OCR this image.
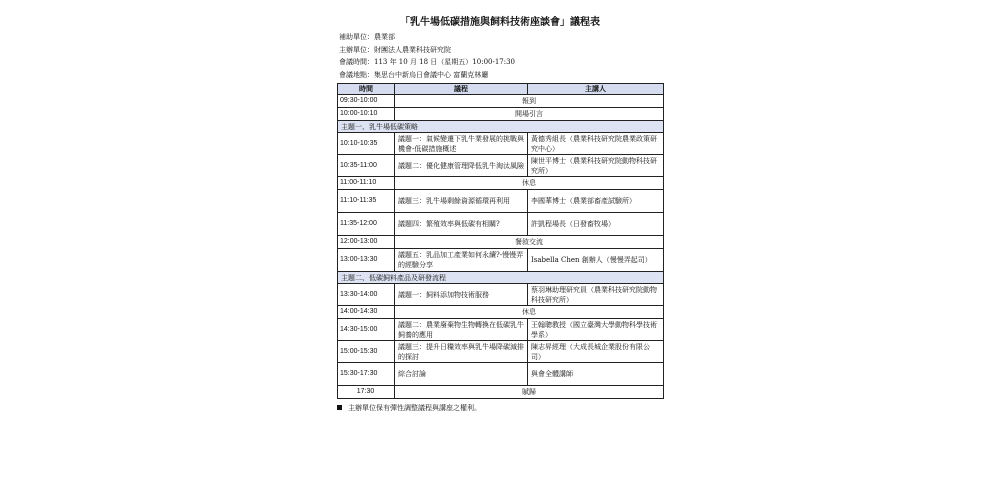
「乳牛場低碳措施與飼料技術座談會」議程表
補助單位：農業部
主辦單位：財團法人農業科技研究院
會議時間：113 年 10 月 18 日（星期五）10:00-17:30
會議地點：集思台中新烏日會議中心 富蘭克林廳
時間	議程	主講人
09:30-10:00	報到	
10:00-10:10	開場引言	
主題一、乳牛場低碳策略		
10:10-10:35	議題一：氣候變遷下乳牛業發展的挑戰與機會-低碳措施概述	黃德秀組長（農業科技研究院農業政策研究中心）
10:35-11:00	議題二：優化健康管理降低乳牛淘汰風險	陳世平博士（農業科技研究院動物科技研究所）
11:00-11:10	休息	
11:10-11:35	議題三：乳牛場剩餘資源循環再利用	李國華博士（農業部畜產試驗所）
11:35-12:00	議題四：繁殖效率與低碳有相關?	許凱程場長（日發畜牧場）
12:00-13:00	餐敘交流	
13:00-13:30	議題五：乳品加工產業如何永續?-慢慢弄的經驗分享	Isabella Chen 創辦人（慢慢弄起司）
主題二、低碳飼料產品及研發流程		
13:30-14:00	議題一：飼料添加物技術服務	蔡羽琳助理研究員（農業科技研究院動物科技研究所）
14:00-14:30	休息	
14:30-15:00	議題二：農業廢棄物生物轉換在低碳乳牛飼養的應用	王翰聰教授（國立臺灣大學動物科學技術學系）
15:00-15:30	議題三：提升日糧效率與乳牛場降碳減排的探討	陳志昇經理（大成長城企業股份有限公司）
15:30-17:30	綜合討論	與會全體講師
17:30	賦歸	
主辦單位保有彈性調整議程與講座之權利。
